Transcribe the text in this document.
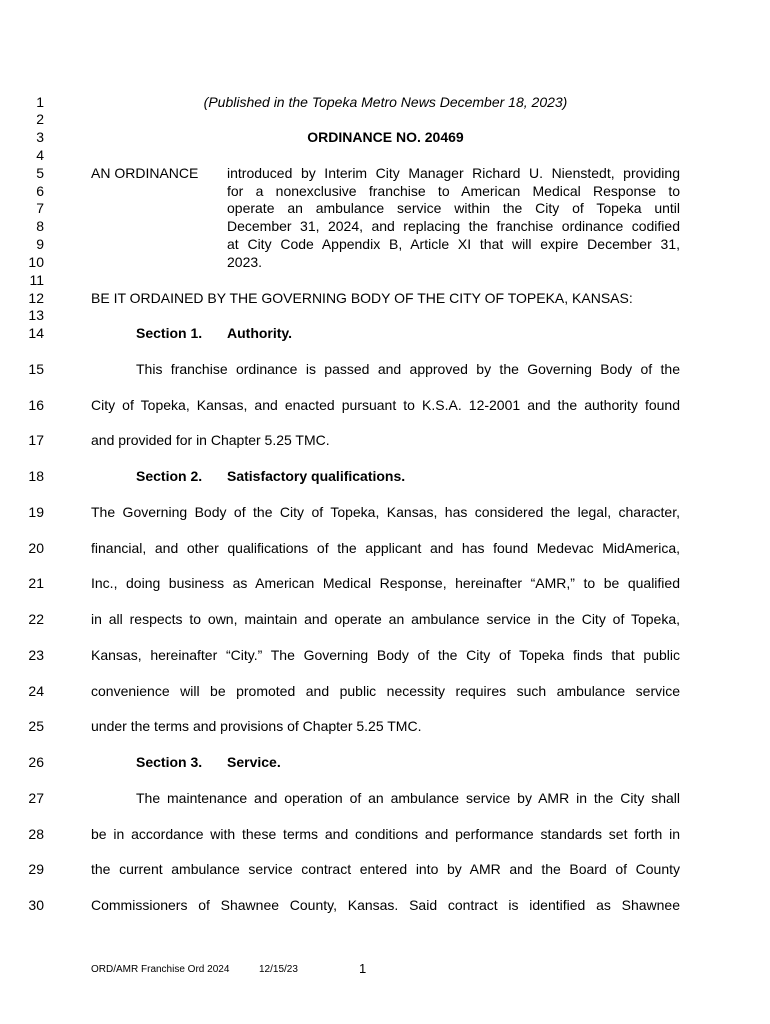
1
2
3
4
5
6
7
8
9
10
11
12
13
14
15
16
17
18
19
20
21
22
23
24
25
26
27
28
29
30
(Published in the Topeka Metro News December 18, 2023)
ORDINANCE NO. 20469
AN ORDINANCE introduced by Interim City Manager Richard U. Nienstedt, providing
for a nonexclusive franchise to American Medical Response to
operate an ambulance service within the City of Topeka until
December 31, 2024, and replacing the franchise ordinance codified
at City Code Appendix B, Article XI that will expire December 31,
2023.
BE IT ORDAINED BY THE GOVERNING BODY OF THE CITY OF TOPEKA, KANSAS:
Section 1. Authority.
This franchise ordinance is passed and approved by the Governing Body of the
City of Topeka, Kansas, and enacted pursuant to K.S.A. 12-2001 and the authority found
and provided for in Chapter 5.25 TMC.
Section 2. Satisfactory qualifications.
The Governing Body of the City of Topeka, Kansas, has considered the legal, character,
financial, and other qualifications of the applicant and has found Medevac MidAmerica,
Inc., doing business as American Medical Response, hereinafter “AMR,” to be qualified
in all respects to own, maintain and operate an ambulance service in the City of Topeka,
Kansas, hereinafter “City.” The Governing Body of the City of Topeka finds that public
convenience will be promoted and public necessity requires such ambulance service
under the terms and provisions of Chapter 5.25 TMC.
Section 3. Service.
The maintenance and operation of an ambulance service by AMR in the City shall
be in accordance with these terms and conditions and performance standards set forth in
the current ambulance service contract entered into by AMR and the Board of County
Commissioners of Shawnee County, Kansas. Said contract is identified as Shawnee
ORD/AMR Franchise Ord 2024	12/15/23	1
